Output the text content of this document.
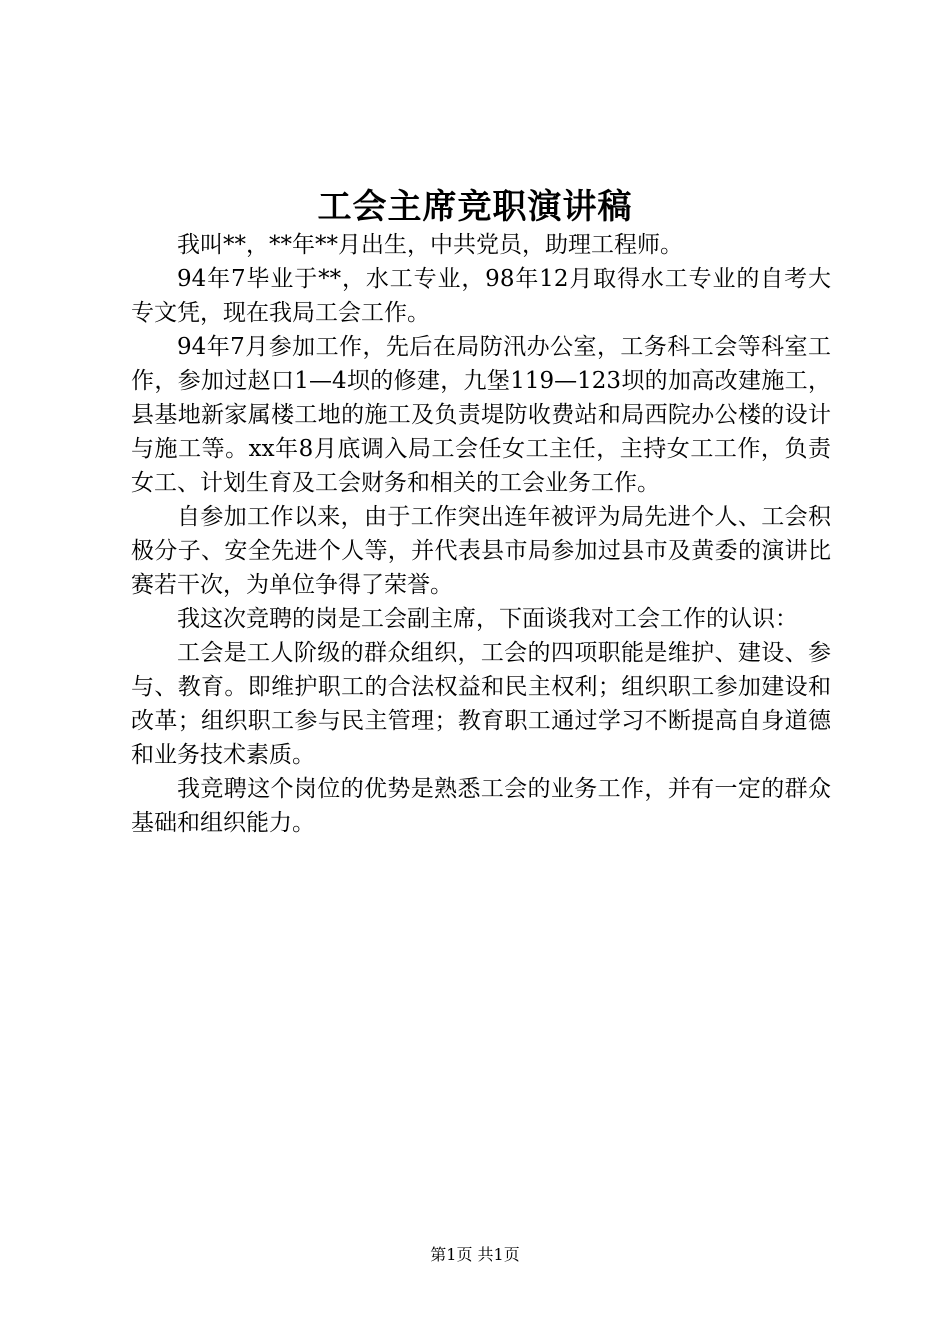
工会主席竞职演讲稿

我叫**，**年**月出生，中共党员，助理工程师。

94年7毕业于**，水工专业，98年12月取得水工专业的自考大专文凭，现在我局工会工作。

94年7月参加工作，先后在局防汛办公室，工务科工会等科室工作，参加过赵口1—4坝的修建，九堡119—123坝的加高改建施工，县基地新家属楼工地的施工及负责堤防收费站和局西院办公楼的设计与施工等。xx年8月底调入局工会任女工主任，主持女工工作，负责女工、计划生育及工会财务和相关的工会业务工作。

自参加工作以来，由于工作突出连年被评为局先进个人、工会积极分子、安全先进个人等，并代表县市局参加过县市及黄委的演讲比赛若干次，为单位争得了荣誉。

我这次竞聘的岗是工会副主席，下面谈我对工会工作的认识：

工会是工人阶级的群众组织，工会的四项职能是维护、建设、参与、教育。即维护职工的合法权益和民主权利；组织职工参加建设和改革；组织职工参与民主管理；教育职工通过学习不断提高自身道德和业务技术素质。

我竞聘这个岗位的优势是熟悉工会的业务工作，并有一定的群众基础和组织能力。

第1页 共1页
